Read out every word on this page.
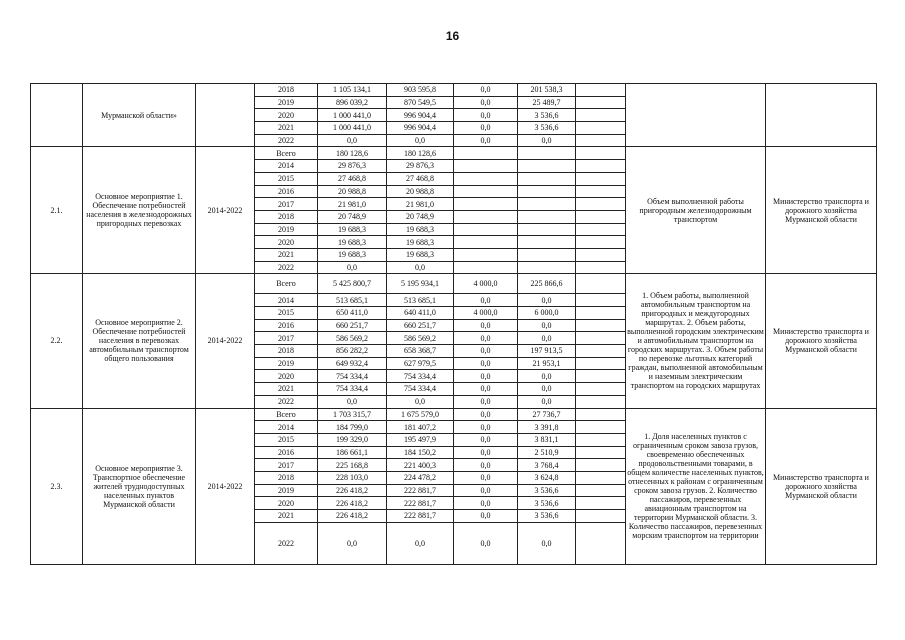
16
	Мурманской области»		2018	1 105 134,1	903 595,8	0,0	201 538,3			
			2019	896 039,2	870 549,5	0,0	25 489,7			
			2020	1 000 441,0	996 904,4	0,0	3 536,6			
			2021	1 000 441,0	996 904,4	0,0	3 536,6			
			2022	0,0	0,0	0,0	0,0			
2.1.	Основное мероприятие 1. Обеспечение потребностей населения в железнодорожных пригородных перевозках	2014-2022	Всего	180 128,6	180 128,6				Объем выполненной работы пригородным железнодорожным транспортом	Министерство транспорта и дорожного хозяйства Мурманской области
			2014	29 876,3	29 876,3					
			2015	27 468,8	27 468,8					
			2016	20 988,8	20 988,8					
			2017	21 981,0	21 981,0					
			2018	20 748,9	20 748,9					
			2019	19 688,3	19 688,3					
			2020	19 688,3	19 688,3					
			2021	19 688,3	19 688,3					
			2022	0,0	0,0					
2.2.	Основное мероприятие 2. Обеспечение потребностей населения в перевозках автомобильным транспортом общего пользования	2014-2022	Всего	5 425 800,7	5 195 934,1	4 000,0	225 866,6		1. Объем работы, выполненной автомобильным транспортом на пригородных и междугородных маршрутах. 2. Объем работы, выполненной городским электрическим и автомобильным транспортом на городских маршрутах. 3. Объем работы по перевозке льготных категорий граждан, выполненной автомобильным и наземным электрическим транспортом на городских маршрутах	Министерство транспорта и дорожного хозяйства Мурманской области
			2014	513 685,1	513 685,1	0,0	0,0			
			2015	650 411,0	640 411,0	4 000,0	6 000,0			
			2016	660 251,7	660 251,7	0,0	0,0			
			2017	586 569,2	586 569,2	0,0	0,0			
			2018	856 282,2	658 368,7	0,0	197 913,5			
			2019	649 932,4	627 979,5	0,0	21 953,1			
			2020	754 334,4	754 334,4	0,0	0,0			
			2021	754 334,4	754 334,4	0,0	0,0			
			2022	0,0	0,0	0,0	0,0			
2.3.	Основное мероприятие 3. Транспортное обеспечение жителей труднодоступных населенных пунктов Мурманской области	2014-2022	Всего	1 703 315,7	1 675 579,0	0,0	27 736,7		1. Доля населенных пунктов с ограниченным сроком завоза грузов, своевременно обеспеченных продовольственными товарами, в общем количестве населенных пунктов, отнесенных к районам с ограниченным сроком завоза грузов. 2. Количество пассажиров, перевезенных авиационным транспортом на территории Мурманской области. 3. Количество пассажиров, перевезенных морским транспортом на территории	Министерство транспорта и дорожного хозяйства Мурманской области
			2014	184 799,0	181 407,2	0,0	3 391,8			
			2015	199 329,0	195 497,9	0,0	3 831,1			
			2016	186 661,1	184 150,2	0,0	2 510,9			
			2017	225 168,8	221 400,3	0,0	3 768,4			
			2018	228 103,0	224 478,2	0,0	3 624,8			
			2019	226 418,2	222 881,7	0,0	3 536,6			
			2020	226 418,2	222 881,7	0,0	3 536,6			
			2021	226 418,2	222 881,7	0,0	3 536,6			
			2022	0,0	0,0	0,0	0,0			
